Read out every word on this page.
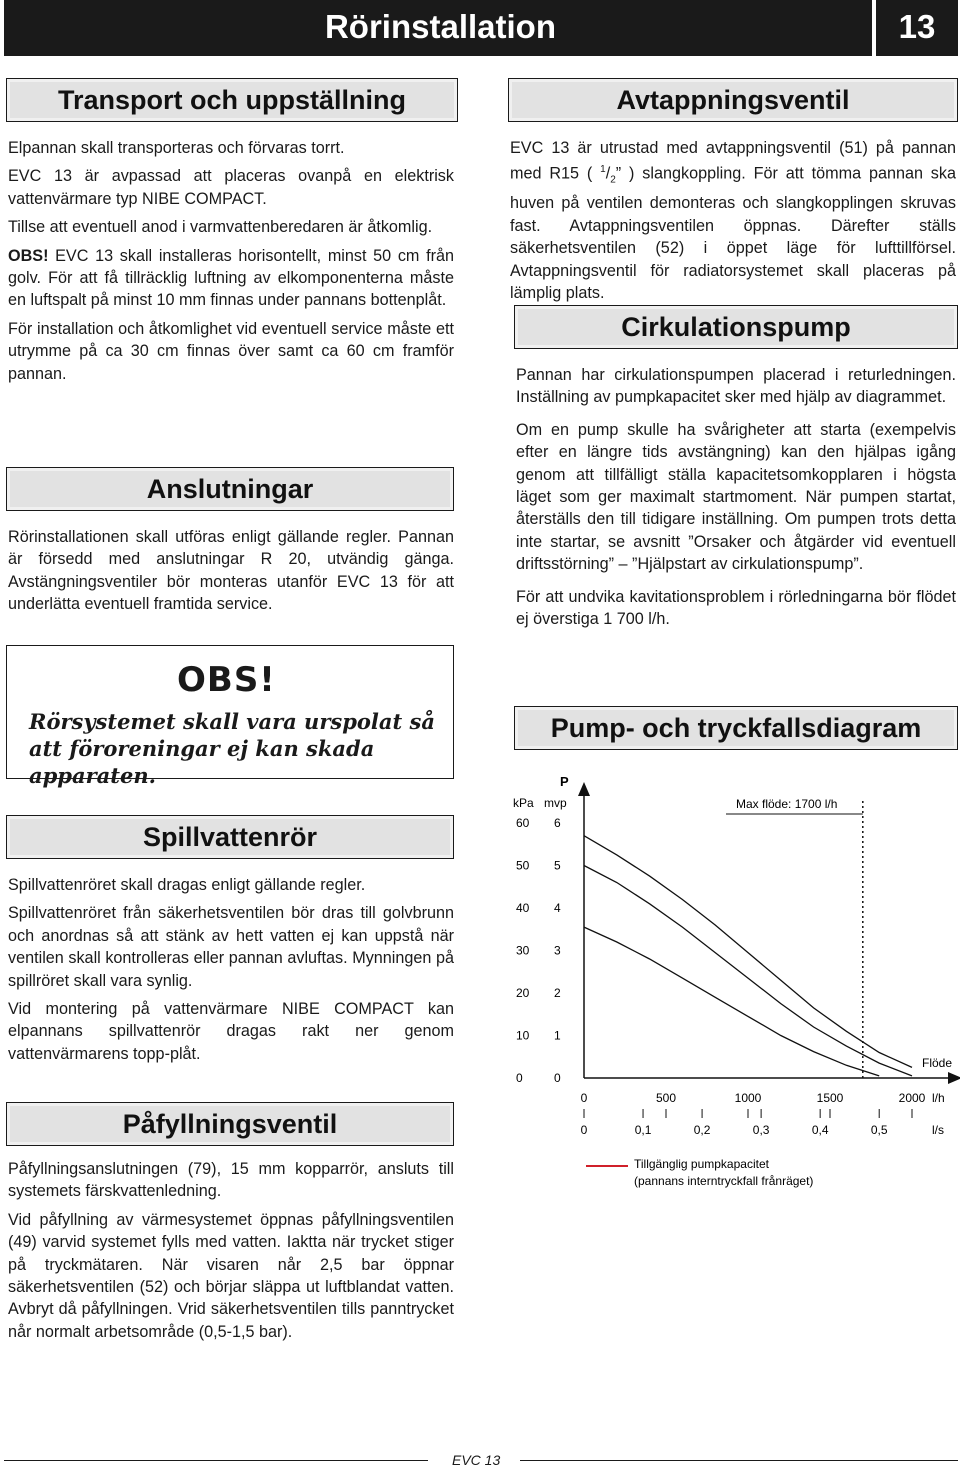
Rörinstallation	13
Transport och uppställning

Elpannan skall transporteras och förvaras torrt.

EVC 13 är avpassad att placeras ovanpå en elektrisk vattenvärmare typ NIBE COMPACT.

Tillse att eventuell anod i varmvattenberedaren är åtkomlig.

OBS! EVC 13 skall installeras horisontellt, minst 50 cm från golv. För att få tillräcklig luftning av elkomponenterna måste en luftspalt på minst 10 mm finnas under pannans bottenplåt.

För installation och åtkomlighet vid eventuell service måste ett utrymme på ca 30 cm finnas över samt ca 60 cm framför pannan.

Anslutningar

Rörinstallationen skall utföras enligt gällande regler. Pannan är försedd med anslutningar R 20, utvändig gänga. Avstängningsventiler bör monteras utanför EVC 13 för att underlätta eventuell framtida service.

OBS!
Rörsystemet skall vara urspolat så att föroreningar ej kan skada apparaten.
Spillvattenrör

Spillvattenröret skall dragas enligt gällande regler.

Spillvattenröret från säkerhetsventilen bör dras till golvbrunn och anordnas så att stänk av hett vatten ej kan uppstå när ventilen skall kontrolleras eller pannan avluftas. Mynningen på spillröret skall vara synlig.

Vid montering på vattenvärmare NIBE COMPACT kan elpannans spillvattenrör dragas rakt ner genom vattenvärmarens topp-plåt.

Påfyllningsventil

Påfyllningsanslutningen (79), 15 mm kopparrör, ansluts till systemets färskvattenledning.

Vid påfyllning av värmesystemet öppnas påfyllningsventilen (49) varvid systemet fylls med vatten. Iaktta när trycket stiger på tryckmätaren. När visaren når 2,5 bar öppnar säkerhetsventilen (52) och börjar släppa ut luftblandat vatten. Avbryt då påfyllningen. Vrid säkerhetsventilen tills panntrycket når normalt arbetsområde (0,5-1,5 bar).

Avtappningsventil

EVC 13 är utrustad med avtappningsventil (51) på pannan med R15 ( $^1/_2$” ) slangkoppling. För att tömma pannan ska huven på ventilen demonteras och slangkopplingen skruvas fast. Avtappningsventilen öppnas. Därefter ställs säkerhetsventilen (52) i öppet läge för lufttillförsel. Avtappningsventil för radiatorsystemet skall placeras på lämplig plats.

Cirkulationspump

Pannan har cirkulationspumpen placerad i returledningen. Inställning av pumpkapacitet sker med hjälp av diagrammet.

Om en pump skulle ha svårigheter att starta (exempelvis efter en längre tids avstängning) kan den hjälpas igång genom att tillfälligt ställa kapacitetsomkopplaren i högsta läget som ger maximalt startmoment. När pumpen startat, återställs den till tidigare inställning. Om pumpen trots detta inte startar, se avsnitt ”Orsaker och åtgärder vid eventuell driftsstörning” – ”Hjälpstart av cirkulationspump”.

För att undvika kavitationsproblem i rörledningarna bör flödet ej överstiga 1 700 l/h.

Pump- och tryckfallsdiagram
P
kPa mvp
Flöde
l/h
l/s
Max flöde: 1700 l/h
Tillgänglig pumpkapacitet
(pannans interntryckfall frånräget)
60 6
50 5
40 4
30 3
20 2
10 1
0	0
0	500	1000	1500	2000
0	0,1	0,2	0,3	0,4	0,5
EVC 13
